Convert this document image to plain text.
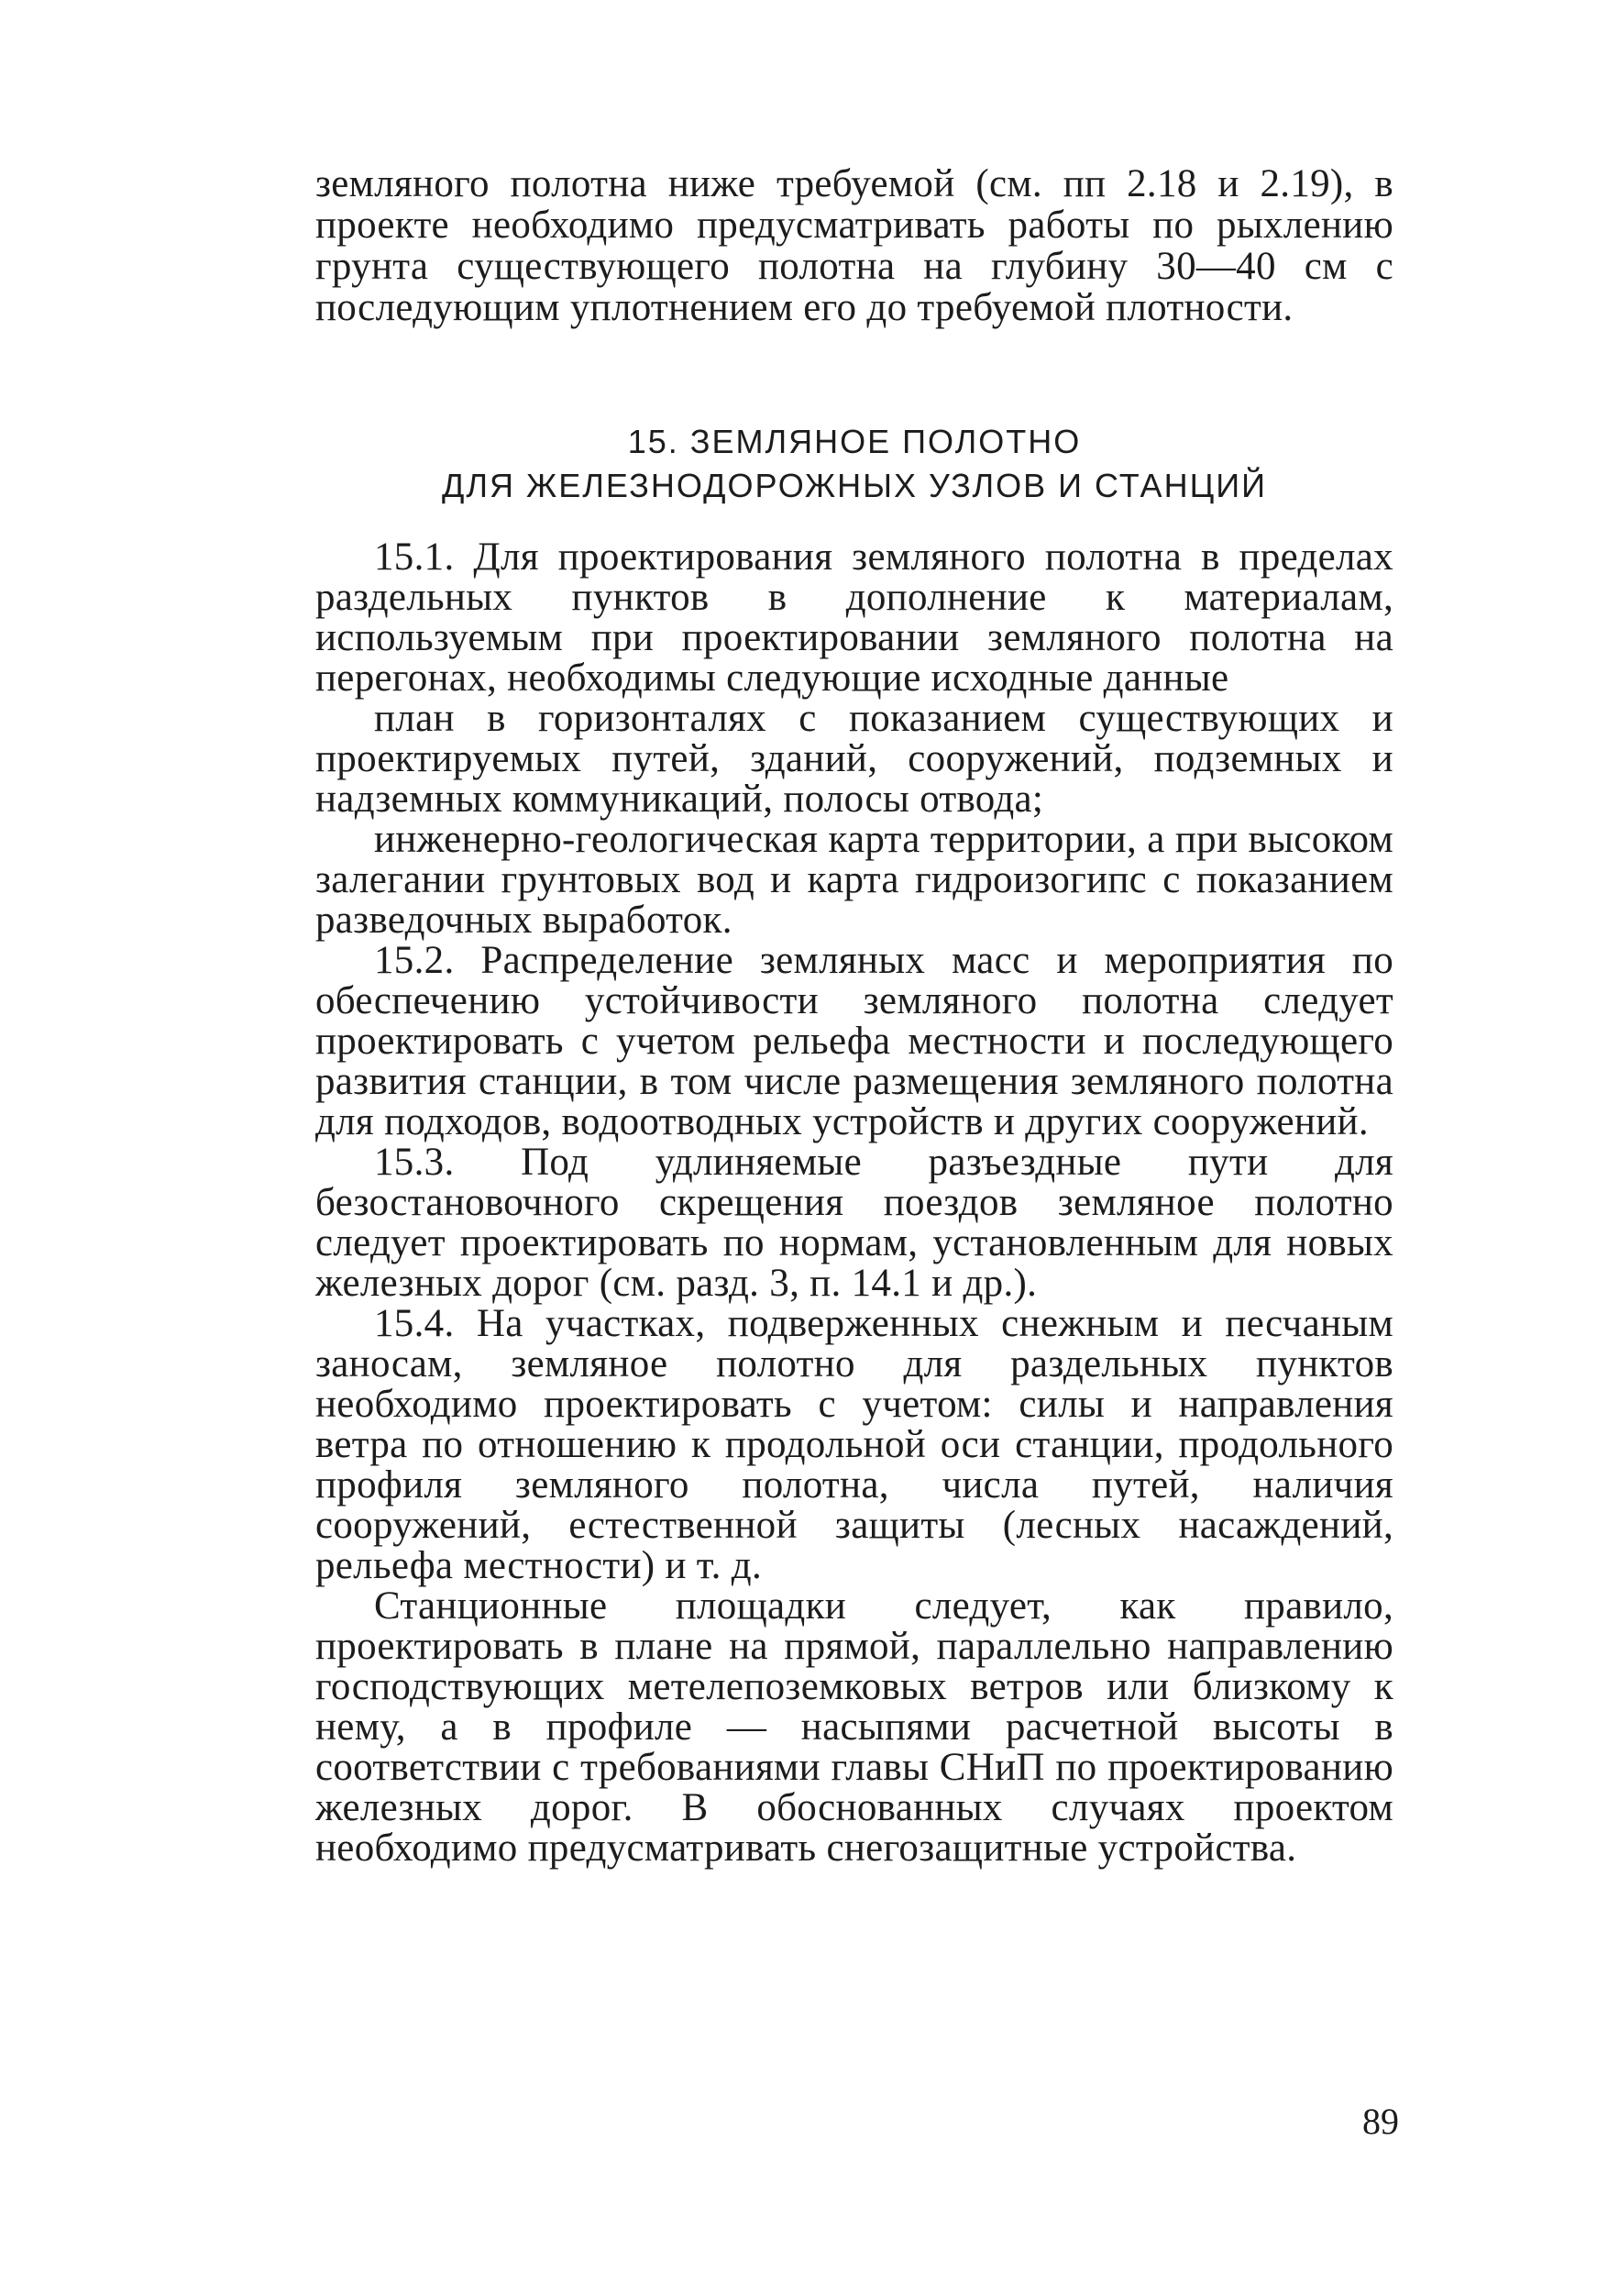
земляного полотна ниже требуемой (см. пп 2.18 и 2.19), в проекте необходимо предусматривать работы по рыхлению грунта существующего полотна на глубину 30—40 см с последующим уплотнением его до требуемой плотности.

15. ЗЕМЛЯНОЕ ПОЛОТНО
ДЛЯ ЖЕЛЕЗНОДОРОЖНЫХ УЗЛОВ И СТАНЦИЙ

15.1. Для проектирования земляного полотна в пределах раздельных пунктов в дополнение к материалам, используемым при проектировании земляного полотна на перегонах, необходимы следующие исходные данные

план в горизонталях с показанием существующих и проектируемых путей, зданий, сооружений, подземных и надземных коммуникаций, полосы отвода;

инженерно-геологическая карта территории, а при высоком залегании грунтовых вод и карта гидроизогипс с показанием разведочных выработок.

15.2. Распределение земляных масс и мероприятия по обеспечению устойчивости земляного полотна следует проектировать с учетом рельефа местности и последующего развития станции, в том числе размещения земляного полотна для подходов, водоотводных устройств и других сооружений.

15.3. Под удлиняемые разъездные пути для безостановочного скрещения поездов земляное полотно следует проектировать по нормам, установленным для новых железных дорог (см. разд. 3, п. 14.1 и др.).

15.4. На участках, подверженных снежным и песчаным заносам, земляное полотно для раздельных пунктов необходимо проектировать с учетом: силы и направления ветра по отношению к продольной оси станции, продольного профиля земляного полотна, числа путей, наличия сооружений, естественной защиты (лесных насаждений, рельефа местности) и т. д.

Станционные площадки следует, как правило, проектировать в плане на прямой, параллельно направлению господствующих метелепоземковых ветров или близкому к нему, а в профиле — насыпями расчетной высоты в соответствии с требованиями главы СНиП по проектированию железных дорог. В обоснованных случаях проектом необходимо предусматривать снегозащитные устройства.

89
